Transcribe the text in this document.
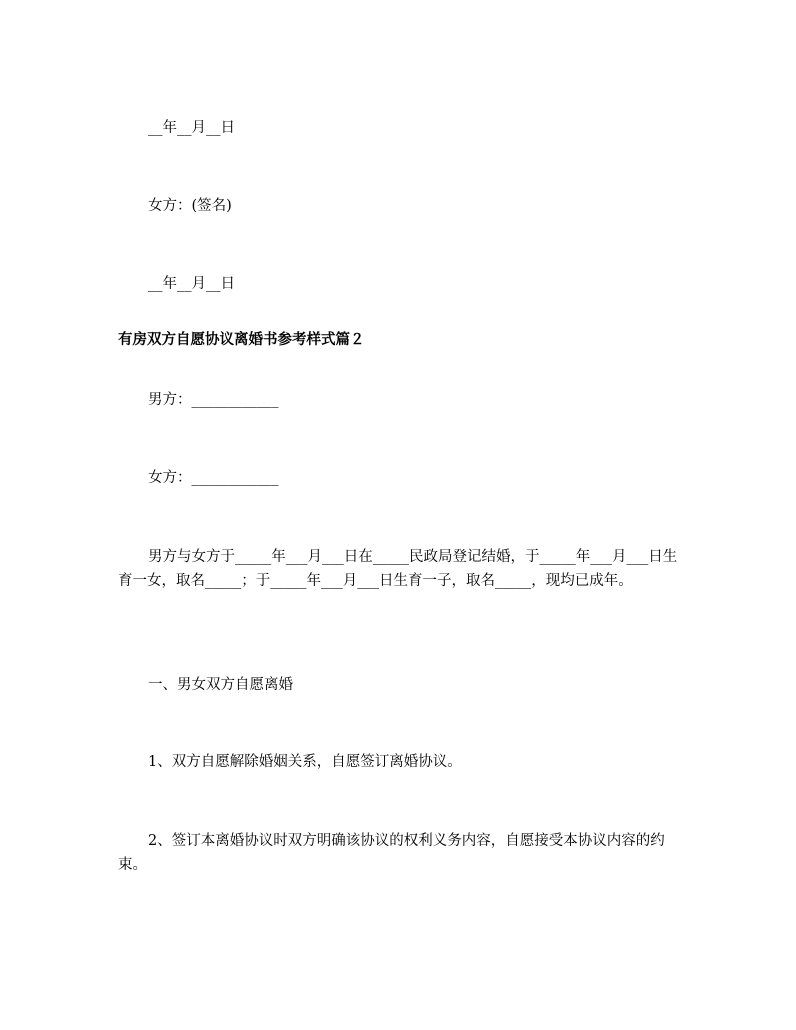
__年__月__日
女方：(签名)
__年__月__日
有房双方自愿协议离婚书参考样式篇２
男方：____________
女方：____________
男方与女方于_____年___月___日在_____民政局登记结婚，于_____年___月___日生育一女，取名_____；于_____年___月___日生育一子，取名_____，现均已成年。
一、男女双方自愿离婚
1、双方自愿解除婚姻关系，自愿签订离婚协议。
2、签订本离婚协议时双方明确该协议的权利义务内容，自愿接受本协议内容的约束。
